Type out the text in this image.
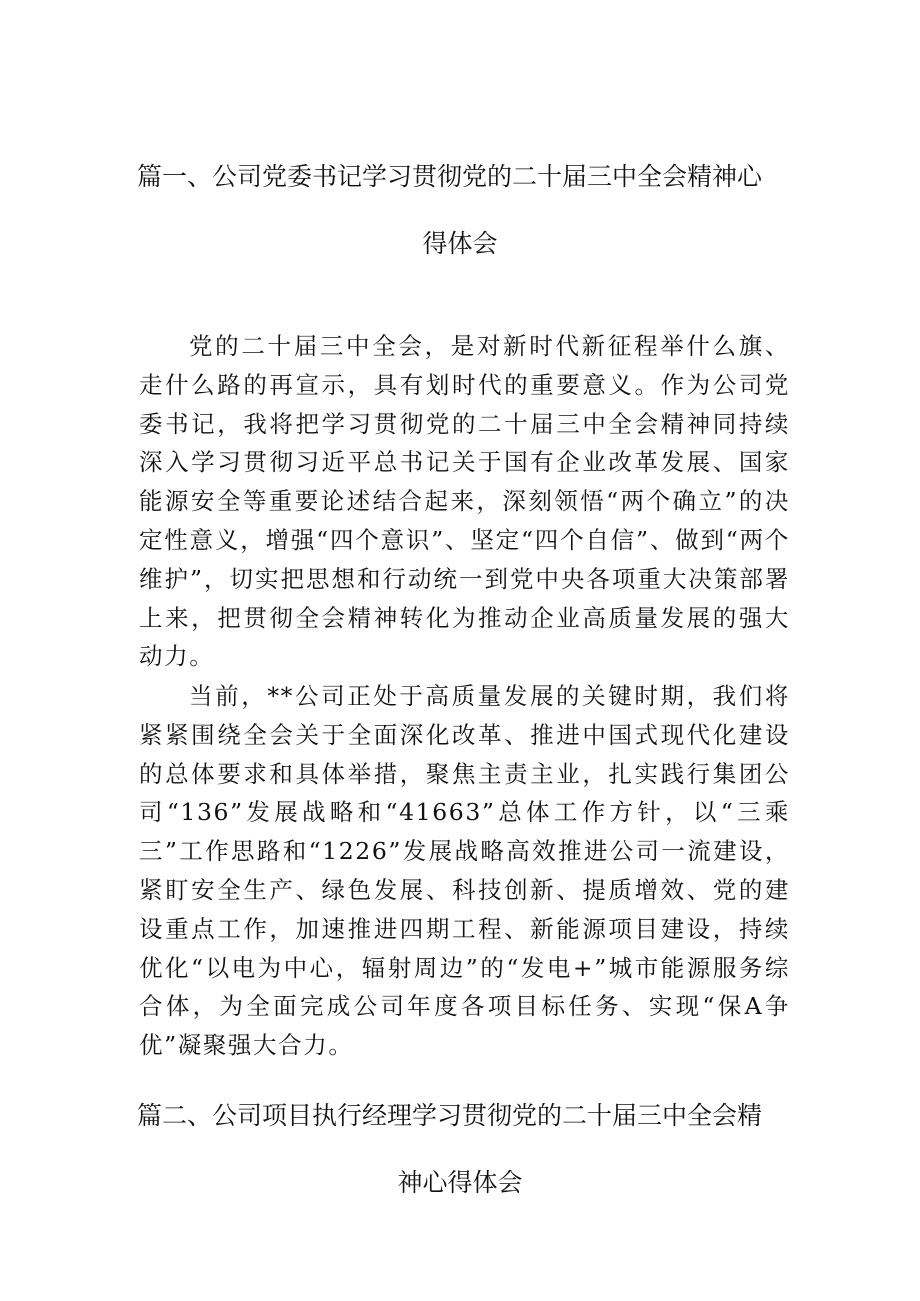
篇一、公司党委书记学习贯彻党的二十届三中全会精神心
得体会

党的二十届三中全会，是对新时代新征程举什么旗、走什么路的再宣示，具有划时代的重要意义。作为公司党委书记，我将把学习贯彻党的二十届三中全会精神同持续深入学习贯彻习近平总书记关于国有企业改革发展、国家能源安全等重要论述结合起来，深刻领悟“两个确立”的决定性意义，增强“四个意识”、坚定“四个自信”、做到“两个维护”，切实把思想和行动统一到党中央各项重大决策部署上来，把贯彻全会精神转化为推动企业高质量发展的强大动力。

当前，**公司正处于高质量发展的关键时期，我们将紧紧围绕全会关于全面深化改革、推进中国式现代化建设的总体要求和具体举措，聚焦主责主业，扎实践行集团公司“136”发展战略和“41663”总体工作方针，以“三乘三”工作思路和“1226”发展战略高效推进公司一流建设，紧盯安全生产、绿色发展、科技创新、提质增效、党的建设重点工作，加速推进四期工程、新能源项目建设，持续优化“以电为中心，辐射周边”的“发电+”城市能源服务综合体，为全面完成公司年度各项目标任务、实现“保A争优”凝聚强大合力。

篇二、公司项目执行经理学习贯彻党的二十届三中全会精
神心得体会
